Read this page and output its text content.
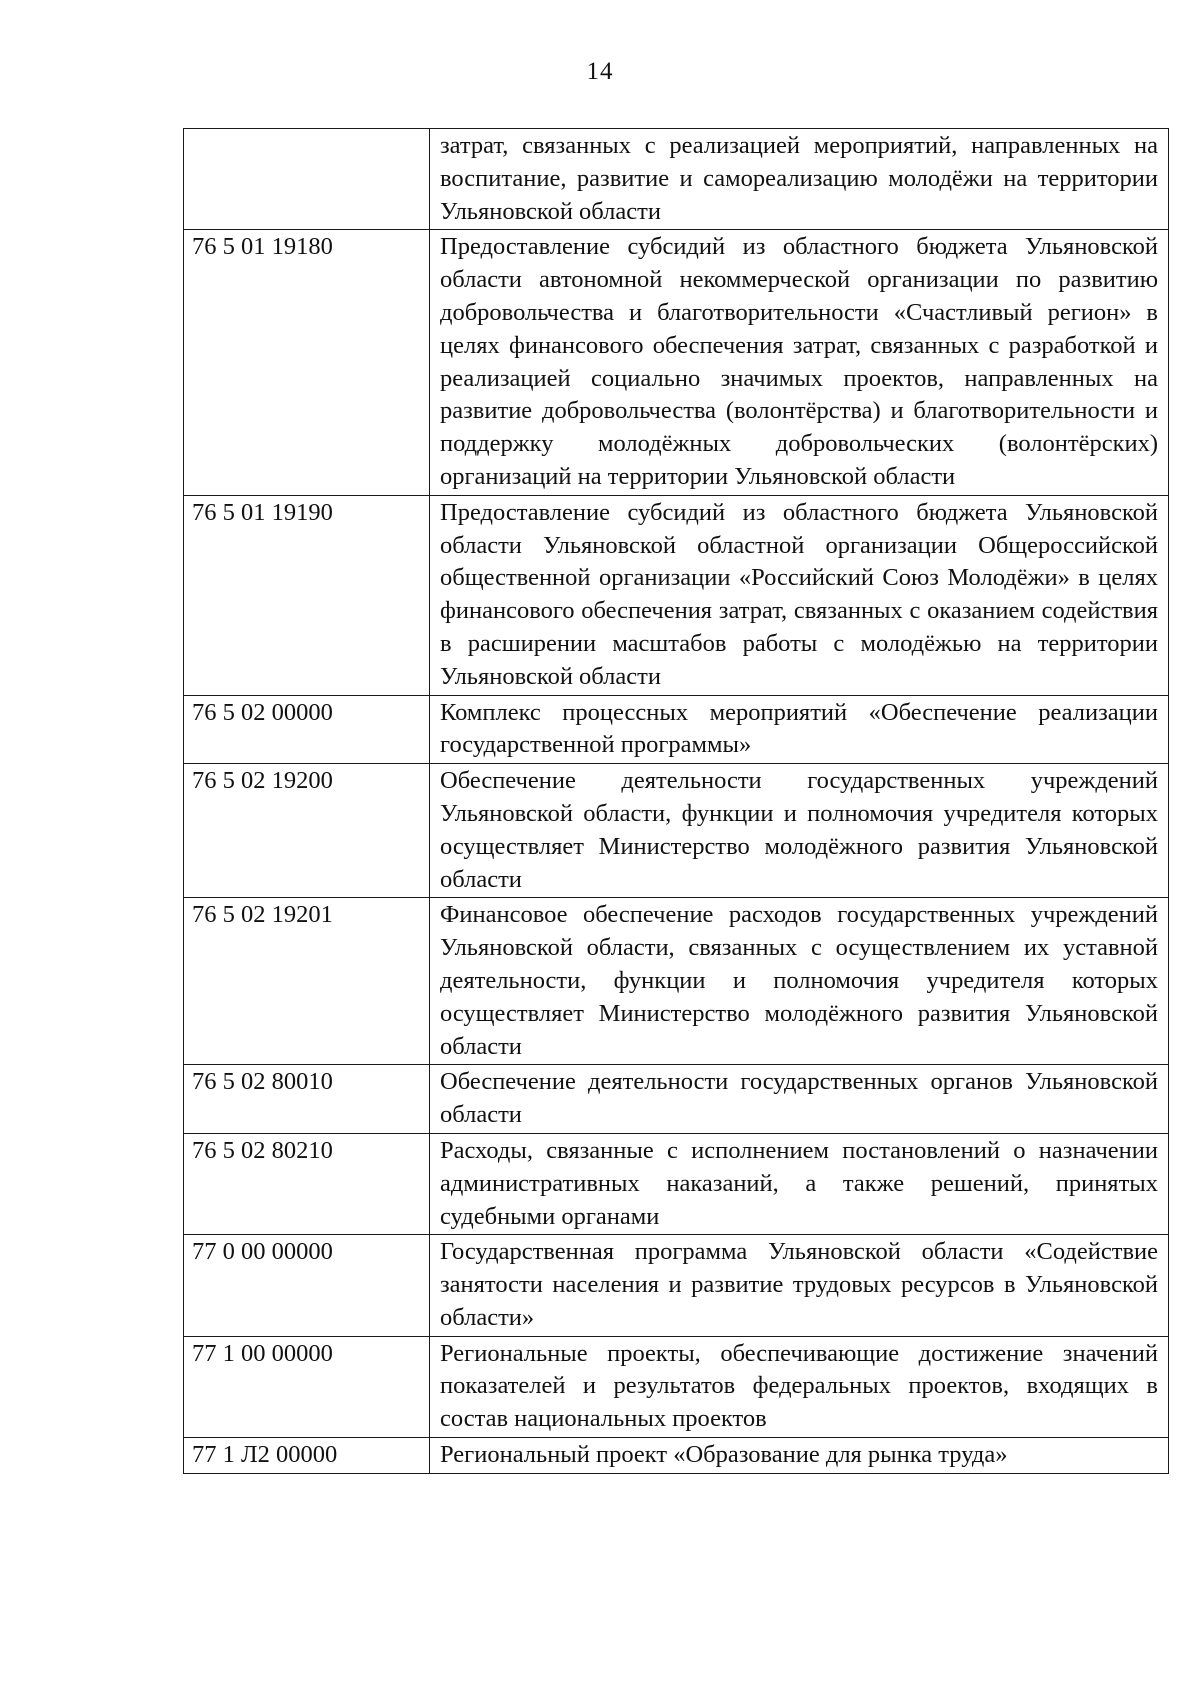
14
	затрат, связанных с реализацией мероприятий, направленных на воспитание, развитие и самореализацию молодёжи на территории Ульяновской области
76 5 01 19180	Предоставление субсидий из областного бюджета Ульяновской области автономной некоммерческой организации по развитию добровольчества и благотворительности «Счастливый регион» в целях финансового обеспечения затрат, связанных с разработкой и реализацией социально значимых проектов, направленных на развитие добровольчества (волонтёрства) и благотворительности и поддержку молодёжных добровольческих (волонтёрских) организаций на территории Ульяновской области
76 5 01 19190	Предоставление субсидий из областного бюджета Ульяновской области Ульяновской областной организации Общероссийской общественной организации «Российский Союз Молодёжи» в целях финансового обеспечения затрат, связанных с оказанием содействия в расширении масштабов работы с молодёжью на территории Ульяновской области
76 5 02 00000	Комплекс процессных мероприятий «Обеспечение реализации государственной программы»
76 5 02 19200	Обеспечение деятельности государственных учреждений Ульяновской области, функции и полномочия учредителя которых осуществляет Министерство молодёжного развития Ульяновской области
76 5 02 19201	Финансовое обеспечение расходов государственных учреждений Ульяновской области, связанных с осуществлением их уставной деятельности, функции и полномочия учредителя которых осуществляет Министерство молодёжного развития Ульяновской области
76 5 02 80010	Обеспечение деятельности государственных органов Ульяновской области
76 5 02 80210	Расходы, связанные с исполнением постановлений о назначении административных наказаний, а также решений, принятых судебными органами
77 0 00 00000	Государственная программа Ульяновской области «Содействие занятости населения и развитие трудовых ресурсов в Ульяновской области»
77 1 00 00000	Региональные проекты, обеспечивающие достижение значений показателей и результатов федеральных проектов, входящих в состав национальных проектов
77 1 Л2 00000	Региональный проект «Образование для рынка труда»
